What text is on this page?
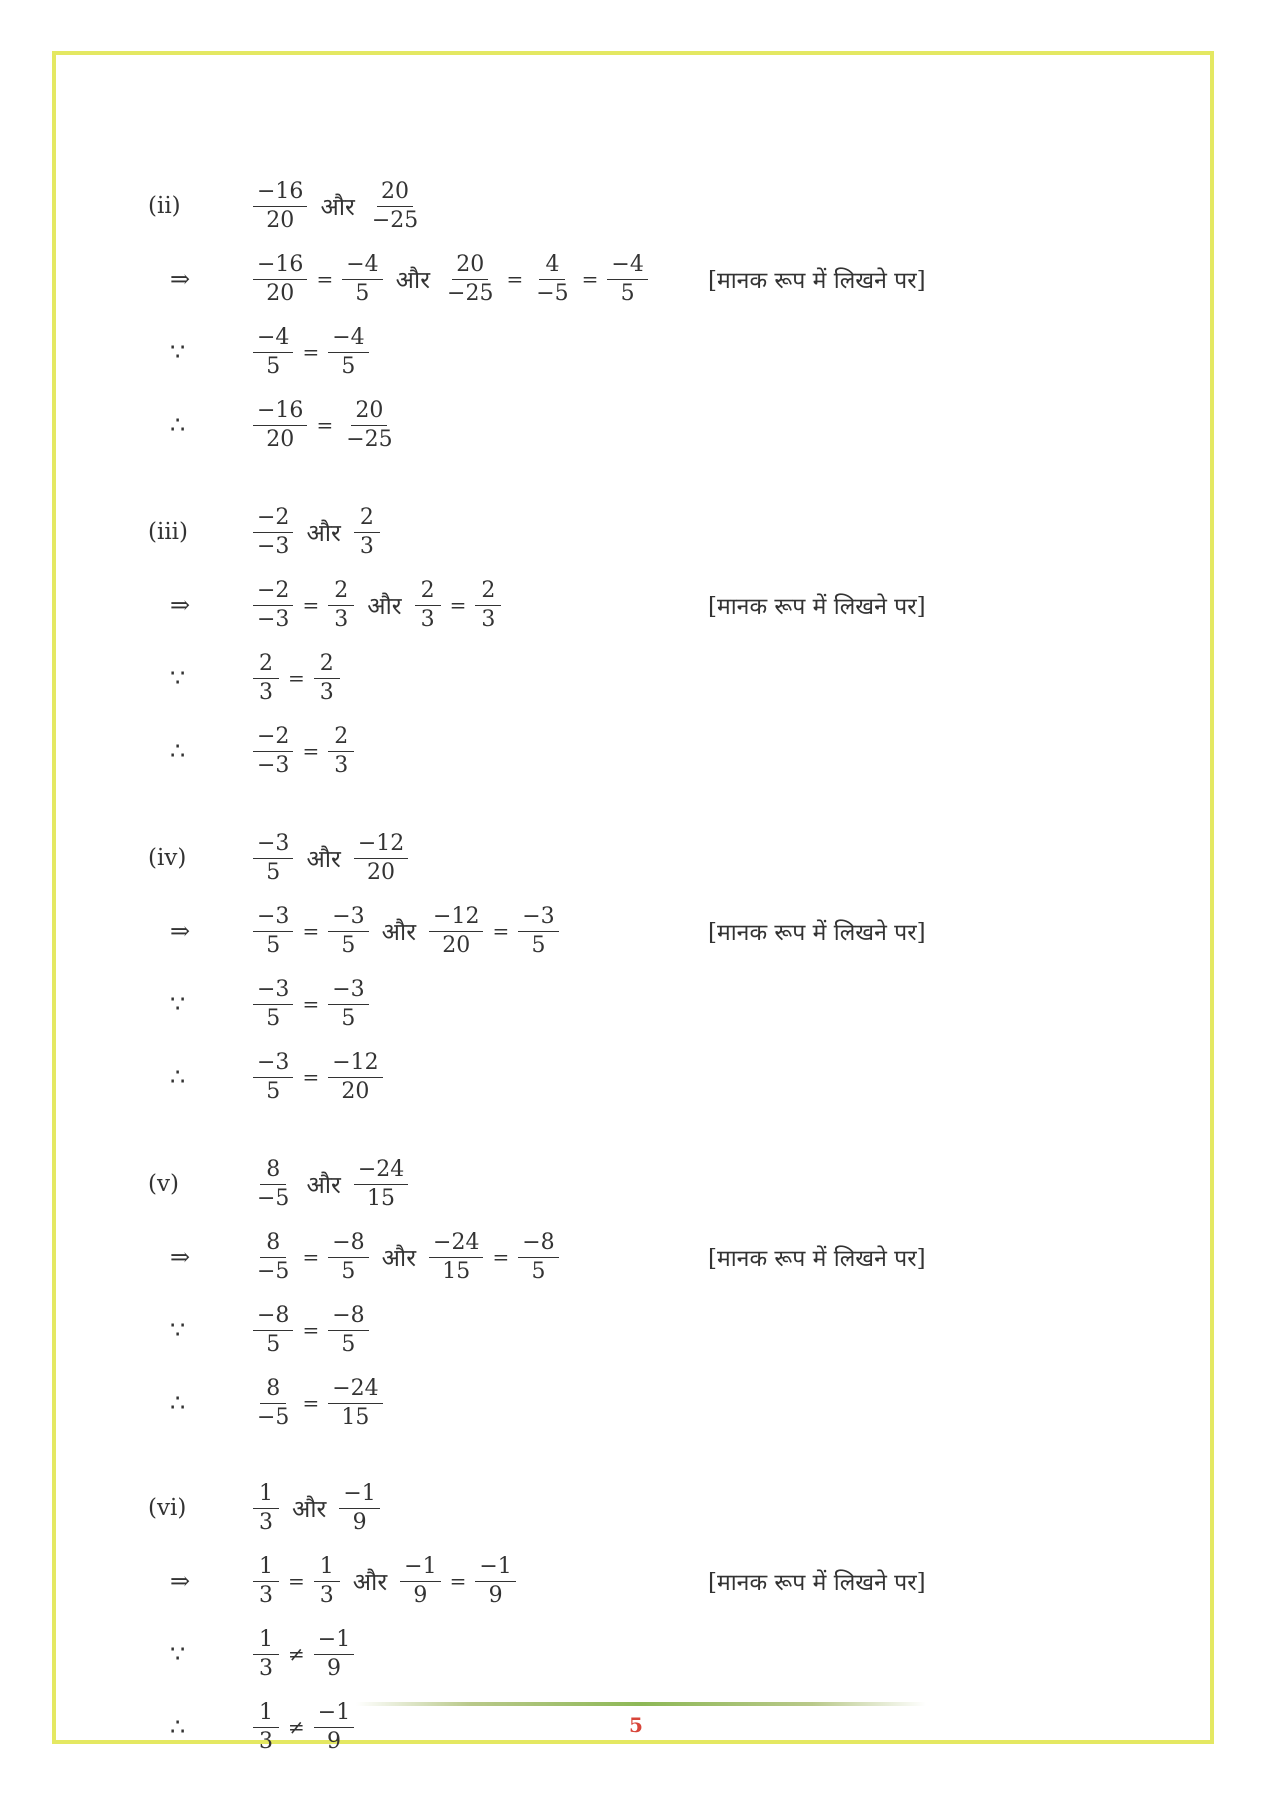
(ii)	$\frac{-16}{20}$ और $\frac{20}{-25}$
⇒	$\frac{-16}{20} = \frac{-4}{5}$ और $\frac{20}{-25} = \frac{4}{-5} = \frac{-4}{5}$	[मानक रूप में लिखने पर]
∵	$\frac{-4}{5} = \frac{-4}{5}$
∴	$\frac{-16}{20} = \frac{20}{-25}$
(iii)	$\frac{-2}{-3}$ और $\frac{2}{3}$
⇒	$\frac{-2}{-3} = \frac{2}{3}$ और $\frac{2}{3} = \frac{2}{3}$	[मानक रूप में लिखने पर]
∵	$\frac{2}{3} = \frac{2}{3}$
∴	$\frac{-2}{-3} = \frac{2}{3}$
(iv)	$\frac{-3}{5}$ और $\frac{-12}{20}$
⇒	$\frac{-3}{5} = \frac{-3}{5}$ और $\frac{-12}{20} = \frac{-3}{5}$	[मानक रूप में लिखने पर]
∵	$\frac{-3}{5} = \frac{-3}{5}$
∴	$\frac{-3}{5} = \frac{-12}{20}$
(v)	$\frac{8}{-5}$ और $\frac{-24}{15}$
⇒	$\frac{8}{-5} = \frac{-8}{5}$ और $\frac{-24}{15} = \frac{-8}{5}$	[मानक रूप में लिखने पर]
∵	$\frac{-8}{5} = \frac{-8}{5}$
∴	$\frac{8}{-5} = \frac{-24}{15}$
(vi)	$\frac{1}{3}$ और $\frac{-1}{9}$
⇒	$\frac{1}{3} = \frac{1}{3}$ और $\frac{-1}{9} = \frac{-1}{9}$	[मानक रूप में लिखने पर]
∵	$\frac{1}{3} \ne \frac{-1}{9}$
∴	$\frac{1}{3} \ne \frac{-1}{9}$	5
